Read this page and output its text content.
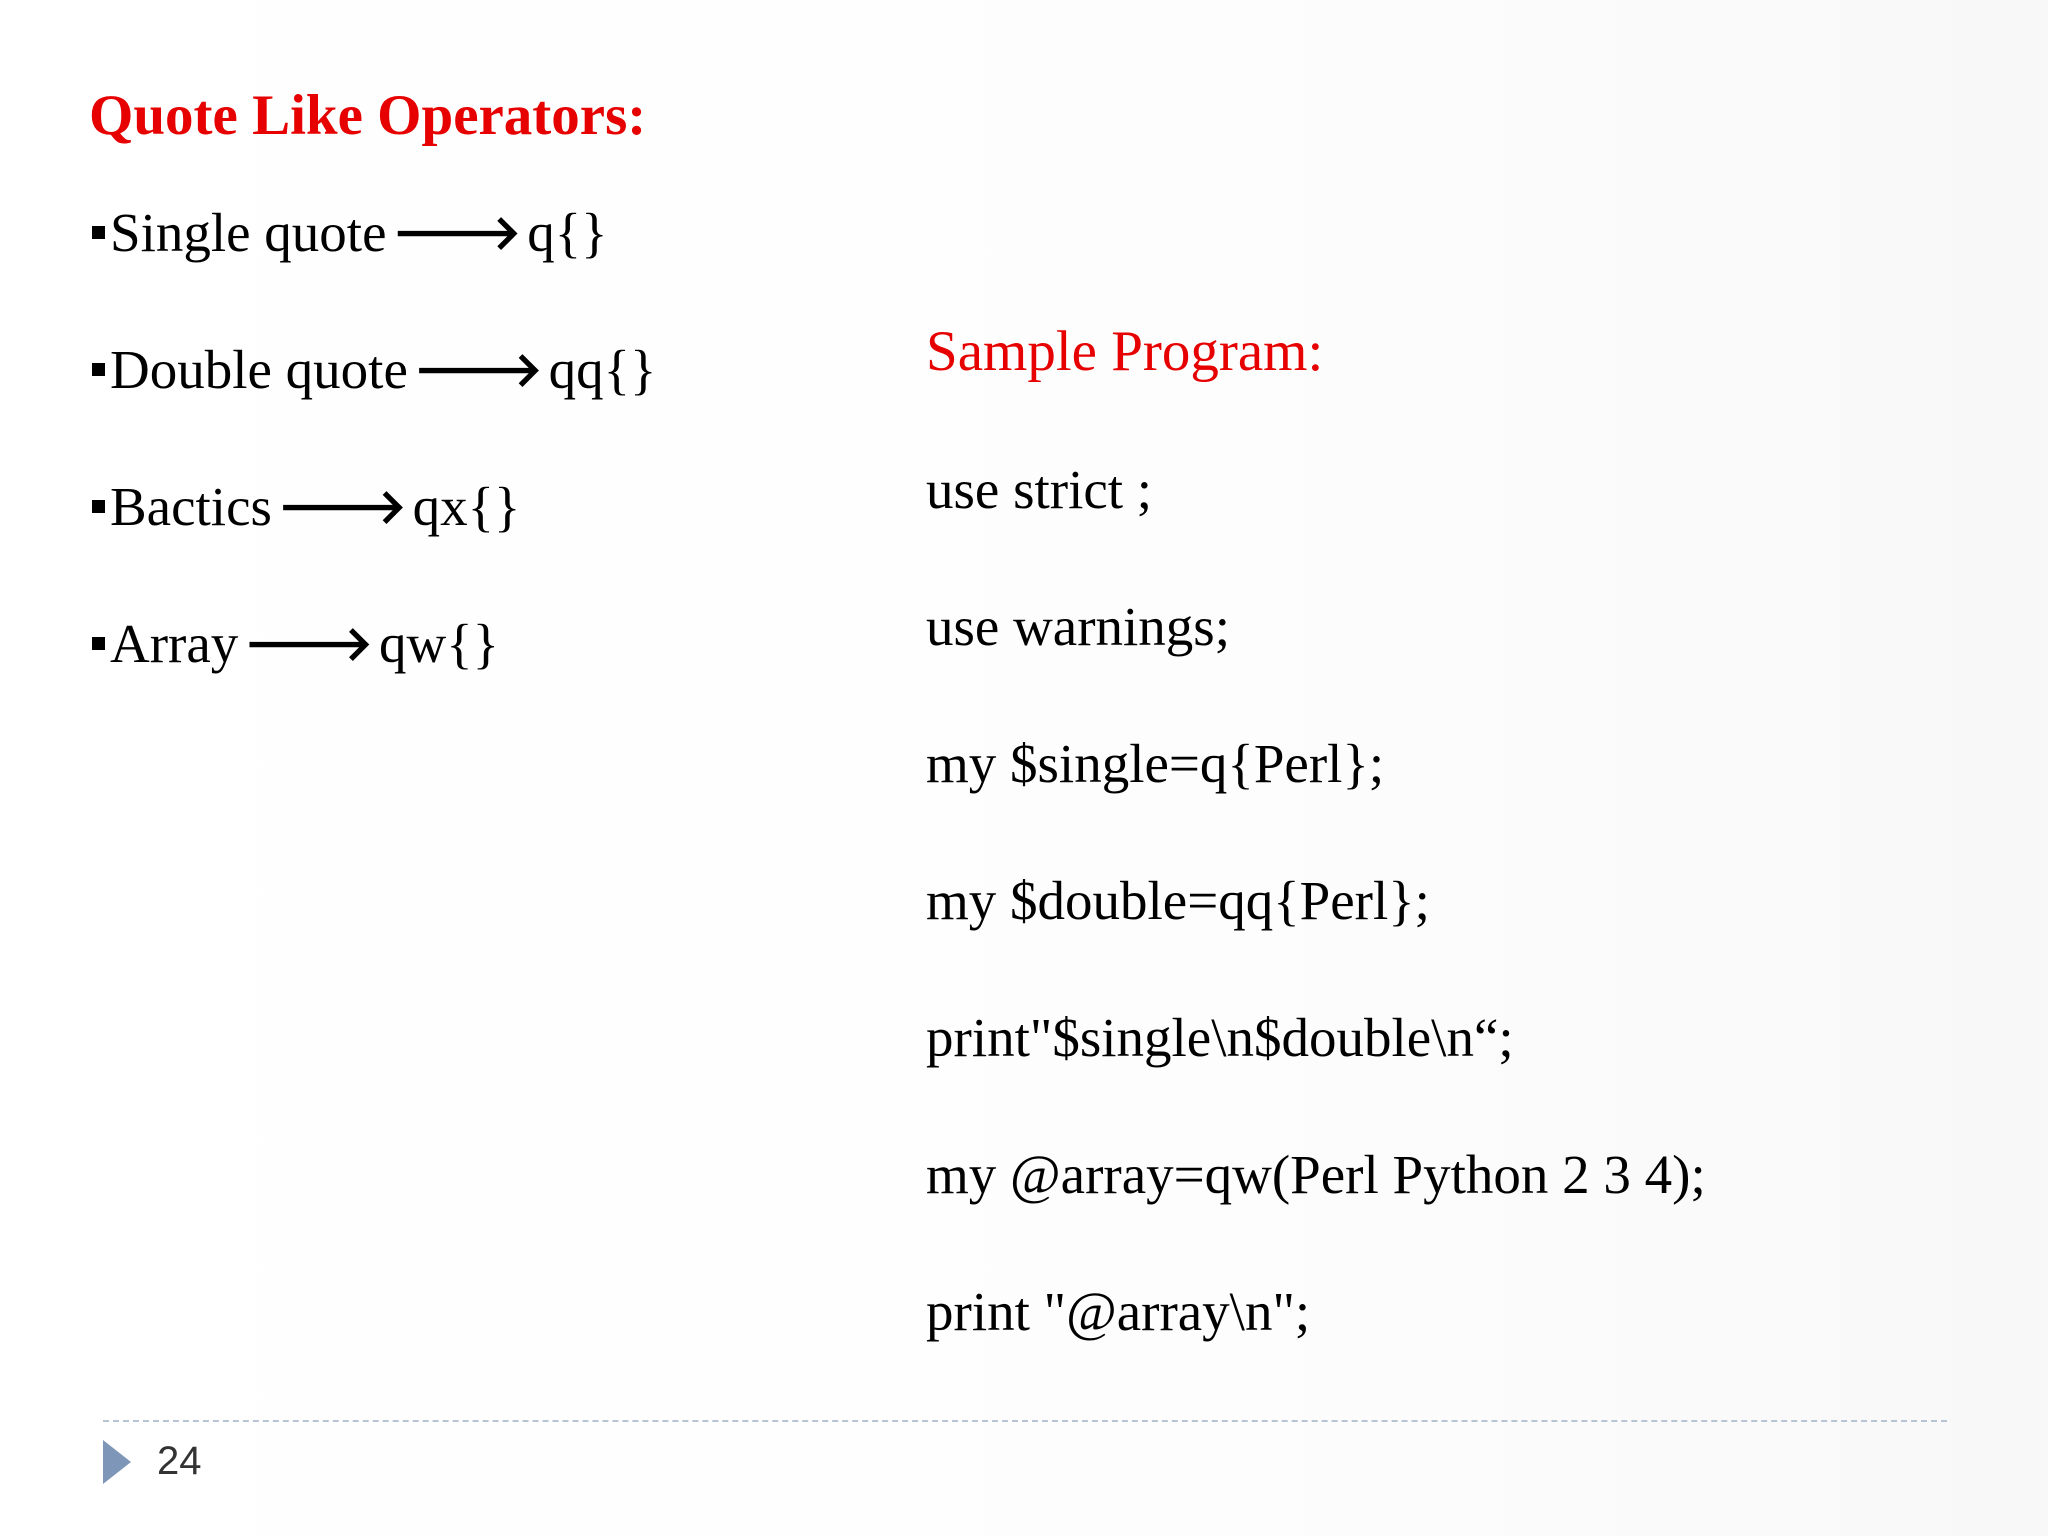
Quote Like Operators:
Single quote 🡒 q{}
Double quote 🡒 qq{}
Bactics 🡒 qx{}
Array 🡒 qw{}
Sample Program:
use strict ;
use warnings;
my $single=q{Perl};
my $double=qq{Perl};
print"$single\n$double\n“;
my @array=qw(Perl Python 2 3 4);
print "@array\n";
24
